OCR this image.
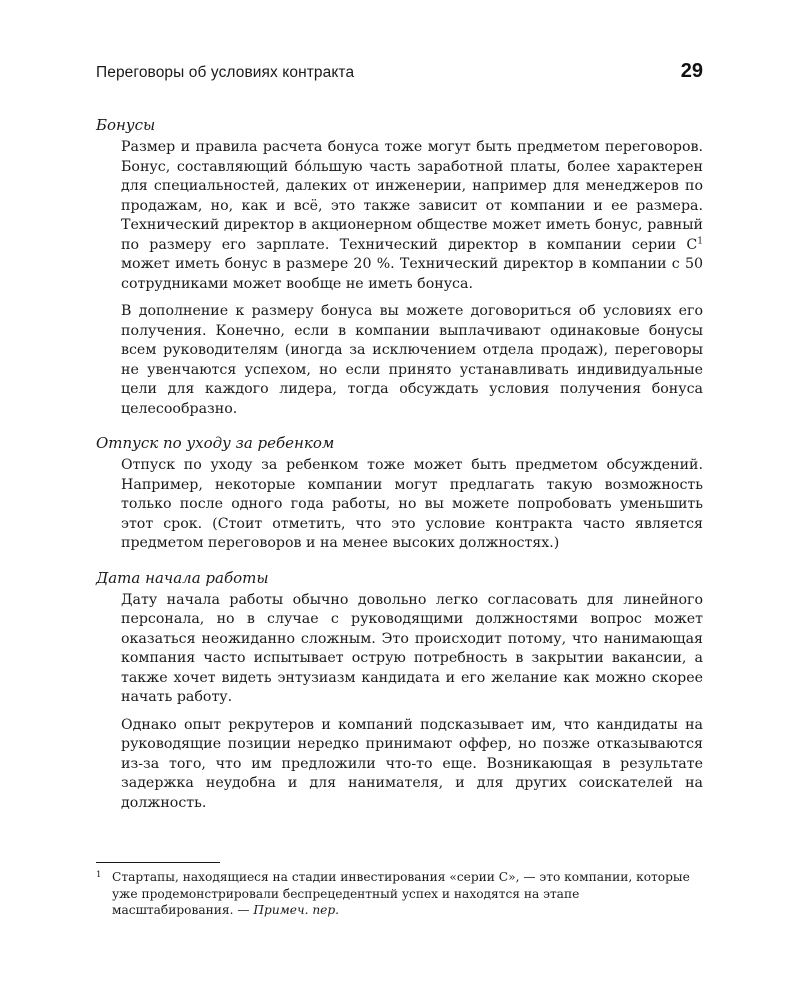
Переговоры об условиях контракта	29
Бонусы

Размер и правила расчета бонуса тоже могут быть предметом переговоров. Бонус, составляющий бóльшую часть заработной платы, более характерен для специальностей, далеких от инженерии, например для менеджеров по продажам, но, как и всё, это также зависит от компании и ее размера. Технический директор в акционерном обществе может иметь бонус, равный по размеру его зарплате. Технический директор в компании серии C$^1$ может иметь бонус в размере 20 %. Технический директор в компании с 50 сотрудниками может вообще не иметь бонуса.

В дополнение к размеру бонуса вы можете договориться об условиях его получения. Конечно, если в компании выплачивают одинаковые бонусы всем руководителям (иногда за исключением отдела продаж), переговоры не увенчаются успехом, но если принято устанавливать индивидуальные цели для каждого лидера, тогда обсуждать условия получения бонуса целесообразно.

Отпуск по уходу за ребенком

Отпуск по уходу за ребенком тоже может быть предметом обсуждений. Например, некоторые компании могут предлагать такую возможность только после одного года работы, но вы можете попробовать уменьшить этот срок. (Стоит отметить, что это условие контракта часто является предметом переговоров и на менее высоких должностях.)

Дата начала работы

Дату начала работы обычно довольно легко согласовать для линейного персонала, но в случае с руководящими должностями вопрос может оказаться неожиданно сложным. Это происходит потому, что нанимающая компания часто испытывает острую потребность в закрытии вакансии, а также хочет видеть энтузиазм кандидата и его желание как можно скорее начать работу.

Однако опыт рекрутеров и компаний подсказывает им, что кандидаты на руководящие позиции нередко принимают оффер, но позже отказываются из-за того, что им предложили что-то еще. Возникающая в результате задержка неудобна и для нанимателя, и для других соискателей на должность.

1 Стартапы, находящиеся на стадии инвестирования «серии C», — это компании, которые уже продемонстрировали беспрецедентный успех и находятся на этапе масштабирования. — Примеч. пер.
